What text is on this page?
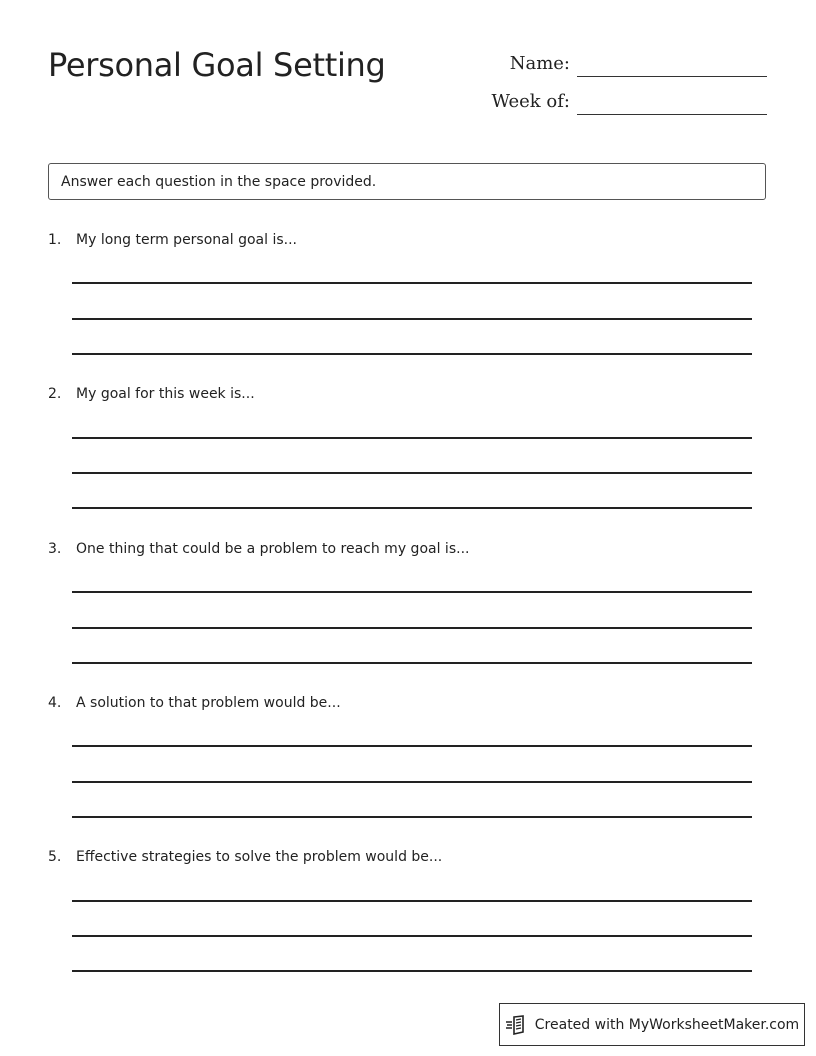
Personal Goal Setting	Name:
Week of:
Answer each question in the space provided.
1. My long term personal goal is...
2. My goal for this week is...
3. One thing that could be a problem to reach my goal is...
4. A solution to that problem would be...
5. Effective strategies to solve the problem would be...
Created with MyWorksheetMaker.com
